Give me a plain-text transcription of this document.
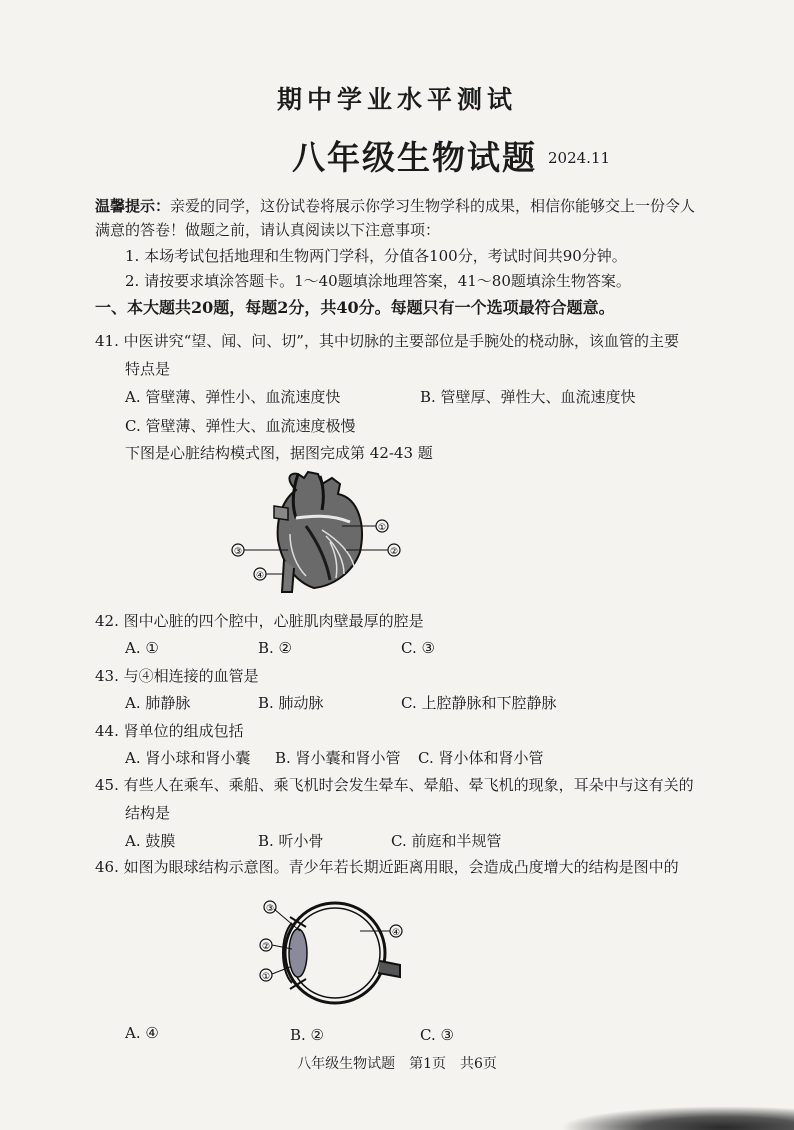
期中学业水平测试
八年级生物试题 2024.11
温馨提示：亲爱的同学，这份试卷将展示你学习生物学科的成果，相信你能够交上一份令人
满意的答卷！做题之前，请认真阅读以下注意事项：
1. 本场考试包括地理和生物两门学科，分值各100分，考试时间共90分钟。
2. 请按要求填涂答题卡。1～40题填涂地理答案，41～80题填涂生物答案。
一、本大题共20题，每题2分，共40分。每题只有一个选项最符合题意。
41. 中医讲究“望、闻、问、切”，其中切脉的主要部位是手腕处的桡动脉，该血管的主要
特点是
A. 管壁薄、弹性小、血流速度快	B. 管壁厚、弹性大、血流速度快
C. 管壁薄、弹性大、血流速度极慢
下图是心脏结构模式图，据图完成第 42-43 题
①
②
③
④
42. 图中心脏的四个腔中，心脏肌肉壁最厚的腔是
A. ①	B. ②	C. ③
43. 与④相连接的血管是
A. 肺静脉	B. 肺动脉	C. 上腔静脉和下腔静脉
44. 肾单位的组成包括
A. 肾小球和肾小囊 B. 肾小囊和肾小管 C. 肾小体和肾小管
45. 有些人在乘车、乘船、乘飞机时会发生晕车、晕船、晕飞机的现象，耳朵中与这有关的
结构是
A. 鼓膜	B. 听小骨	C. 前庭和半规管
46. 如图为眼球结构示意图。青少年若长期近距离用眼，会造成凸度增大的结构是图中的
③
②
①
④
A. ④	B. ②	C. ③
八年级生物试题　第1页　共6页
